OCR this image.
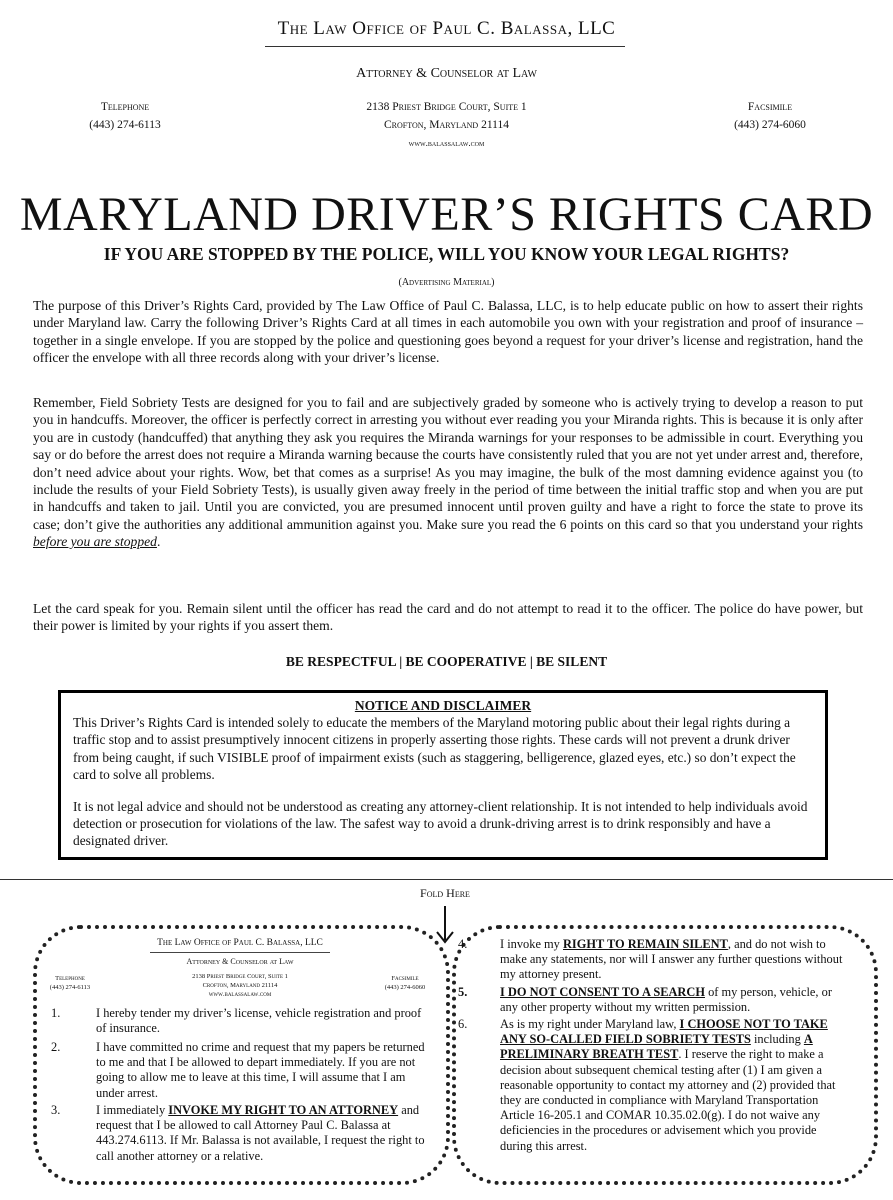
The Law Office of Paul C. Balassa, LLC
Attorney & Counselor at Law
Telephone
(443) 274-6113
2138 Priest Bridge Court, Suite 1
Crofton, Maryland 21114
www.balassalaw.com
Facsimile
(443) 274-6060
MARYLAND DRIVER’S RIGHTS CARD
IF YOU ARE STOPPED BY THE POLICE, WILL YOU KNOW YOUR LEGAL RIGHTS?
(Advertising Material)
The purpose of this Driver’s Rights Card, provided by The Law Office of Paul C. Balassa, LLC, is to help educate public on how to assert their rights under Maryland law. Carry the following Driver’s Rights Card at all times in each automobile you own with your registration and proof of insurance – together in a single envelope. If you are stopped by the police and questioning goes beyond a request for your driver’s license and registration, hand the officer the envelope with all three records along with your driver’s license.
Remember, Field Sobriety Tests are designed for you to fail and are subjectively graded by someone who is actively trying to develop a reason to put you in handcuffs. Moreover, the officer is perfectly correct in arresting you without ever reading you your Miranda rights. This is because it is only after you are in custody (handcuffed) that anything they ask you requires the Miranda warnings for your responses to be admissible in court. Everything you say or do before the arrest does not require a Miranda warning because the courts have consistently ruled that you are not yet under arrest and, therefore, don’t need advice about your rights. Wow, bet that comes as a surprise! As you may imagine, the bulk of the most damning evidence against you (to include the results of your Field Sobriety Tests), is usually given away freely in the period of time between the initial traffic stop and when you are put in handcuffs and taken to jail. Until you are convicted, you are presumed innocent until proven guilty and have a right to force the state to prove its case; don’t give the authorities any additional ammunition against you. Make sure you read the 6 points on this card so that you understand your rights before you are stopped.
Let the card speak for you. Remain silent until the officer has read the card and do not attempt to read it to the officer. The police do have power, but their power is limited by your rights if you assert them.
BE RESPECTFUL | BE COOPERATIVE | BE SILENT
NOTICE AND DISCLAIMER

This Driver’s Rights Card is intended solely to educate the members of the Maryland motoring public about their legal rights during a traffic stop and to assist presumptively innocent citizens in properly asserting those rights. These cards will not prevent a drunk driver from being caught, if such VISIBLE proof of impairment exists (such as staggering, belligerence, glazed eyes, etc.) so don’t expect the card to solve all problems.

It is not legal advice and should not be understood as creating any attorney-client relationship. It is not intended to help individuals avoid detection or prosecution for violations of the law. The safest way to avoid a drunk-driving arrest is to drink responsibly and have a designated driver.

Fold Here
The Law Office of Paul C. Balassa, LLC
Attorney & Counselor at Law
Telephone
(443) 274-6113
2138 Priest Bridge Court, Suite 1
Crofton, Maryland 21114
www.balassalaw.com
Facsimile
(443) 274-6060
1.	I hereby tender my driver’s license, vehicle registration and proof of insurance.
2.	I have committed no crime and request that my papers be returned to me and that I be allowed to depart immediately. If you are not going to allow me to leave at this time, I will assume that I am under arrest.
3.	I immediately INVOKE MY RIGHT TO AN ATTORNEY and request that I be allowed to call Attorney Paul C. Balassa at 443.274.6113. If Mr. Balassa is not available, I request the right to call another attorney or a relative.
4.	I invoke my RIGHT TO REMAIN SILENT, and do not wish to make any statements, nor will I answer any further questions without my attorney present.
5.	I DO NOT CONSENT TO A SEARCH of my person, vehicle, or any other property without my written permission.
6.	As is my right under Maryland law, I CHOOSE NOT TO TAKE ANY SO-CALLED FIELD SOBRIETY TESTS including A PRELIMINARY BREATH TEST. I reserve the right to make a decision about subsequent chemical testing after (1) I am given a reasonable opportunity to contact my attorney and (2) provided that they are conducted in compliance with Maryland Transportation Article 16-205.1 and COMAR 10.35.02.0(g). I do not waive any deficiencies in the procedures or advisement which you provide during this arrest.
